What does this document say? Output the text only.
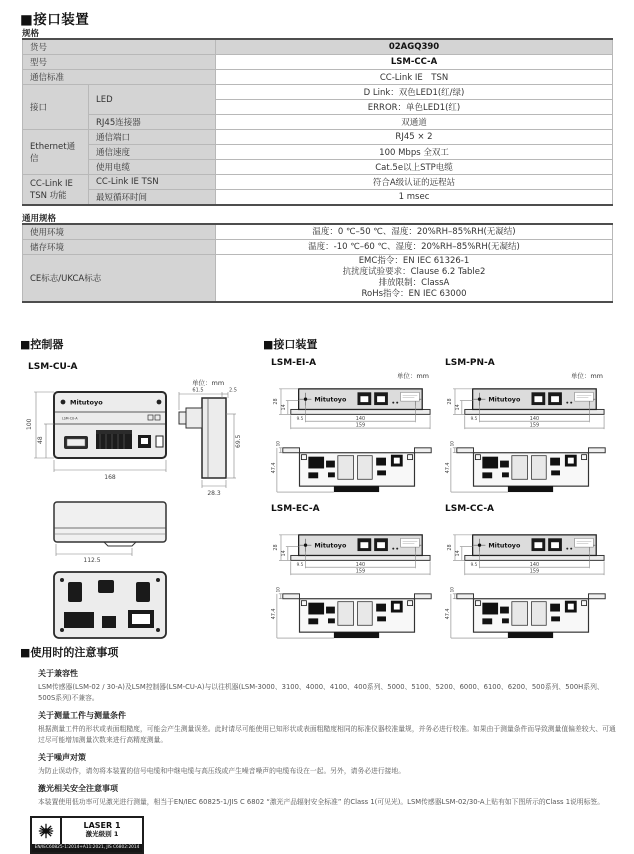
■接口装置
规格
货号		02AGQ390
型号		LSM-CC-A
通信标准		CC-Link IE　TSN
接口	LED	D Link：双色LED1(红/绿)
		ERROR：单色LED1(红)
	RJ45连接器	双通道
Ethernet通信	通信端口	RJ45 × 2
	通信速度	100 Mbps 全双工
	使用电缆	Cat.5e以上STP电缆
CC-Link IE TSN 功能	CC-Link IE TSN	符合A级认证的远程站
	最短循环时间	1 msec
通用规格
使用环境	温度：0 ℃–50 ℃、湿度：20%RH–85%RH(无凝结)
储存环境	温度：-10 ℃–60 ℃、湿度：20%RH–85%RH(无凝结)
CE标志/UKCA标志	EMC指令：EN IEC 61326-1
抗扰度试验要求：Clause 6.2 Table2
排放限制：ClassA
RoHs指令：EN IEC 63000
■控制器
LSM-CU-A
单位：mm
Mitutoyo
LSM-CU-A
100
48
168
61.5	2.5
69.5
28.3
112.5
■接口装置
LSM-EI-A
单位：mm

LSM-PN-A
单位：mm

LSM-EC-A
	LSM-CC-A

■使用时的注意事项
关于兼容性

LSM传感器(LSM-02 / 30-A)及LSM控制器(LSM-CU-A)与以往机器(LSM-3000、3100、4000、4100、400系列、5000、5100、5200、6000、6100、6200、500系列、500H系列、500S系列)不兼容。

关于测量工件与测量条件

根据测量工件的形状或表面粗糙度，可能会产生测量误差。此时请尽可能使用已知形状或表面粗糙度相同的标准仪器校准量规，并务必进行校准。如果由于测量条件而导致测量值偏差较大、可通过尽可能增加测量次数来进行高精度测量。

关于噪声对策

为防止误动作，请勿将本装置的信号电缆和中继电缆与高压线或产生噪音噪声的电缆布设在一起。另外，请务必进行接地。

激光相关安全注意事项

本装置使用低功率可见激光进行测量，相当于EN/IEC 60825-1/JIS C 6802 “激光产品辐射安全标准” 的Class 1(可见光)。LSM传感器LSM-02/30-A上贴有如下图所示的Class 1说明标签。

LASER 1
激光级别 1
EN/IEC60825-1:2014+A11:2021, JIS C6802:2014
